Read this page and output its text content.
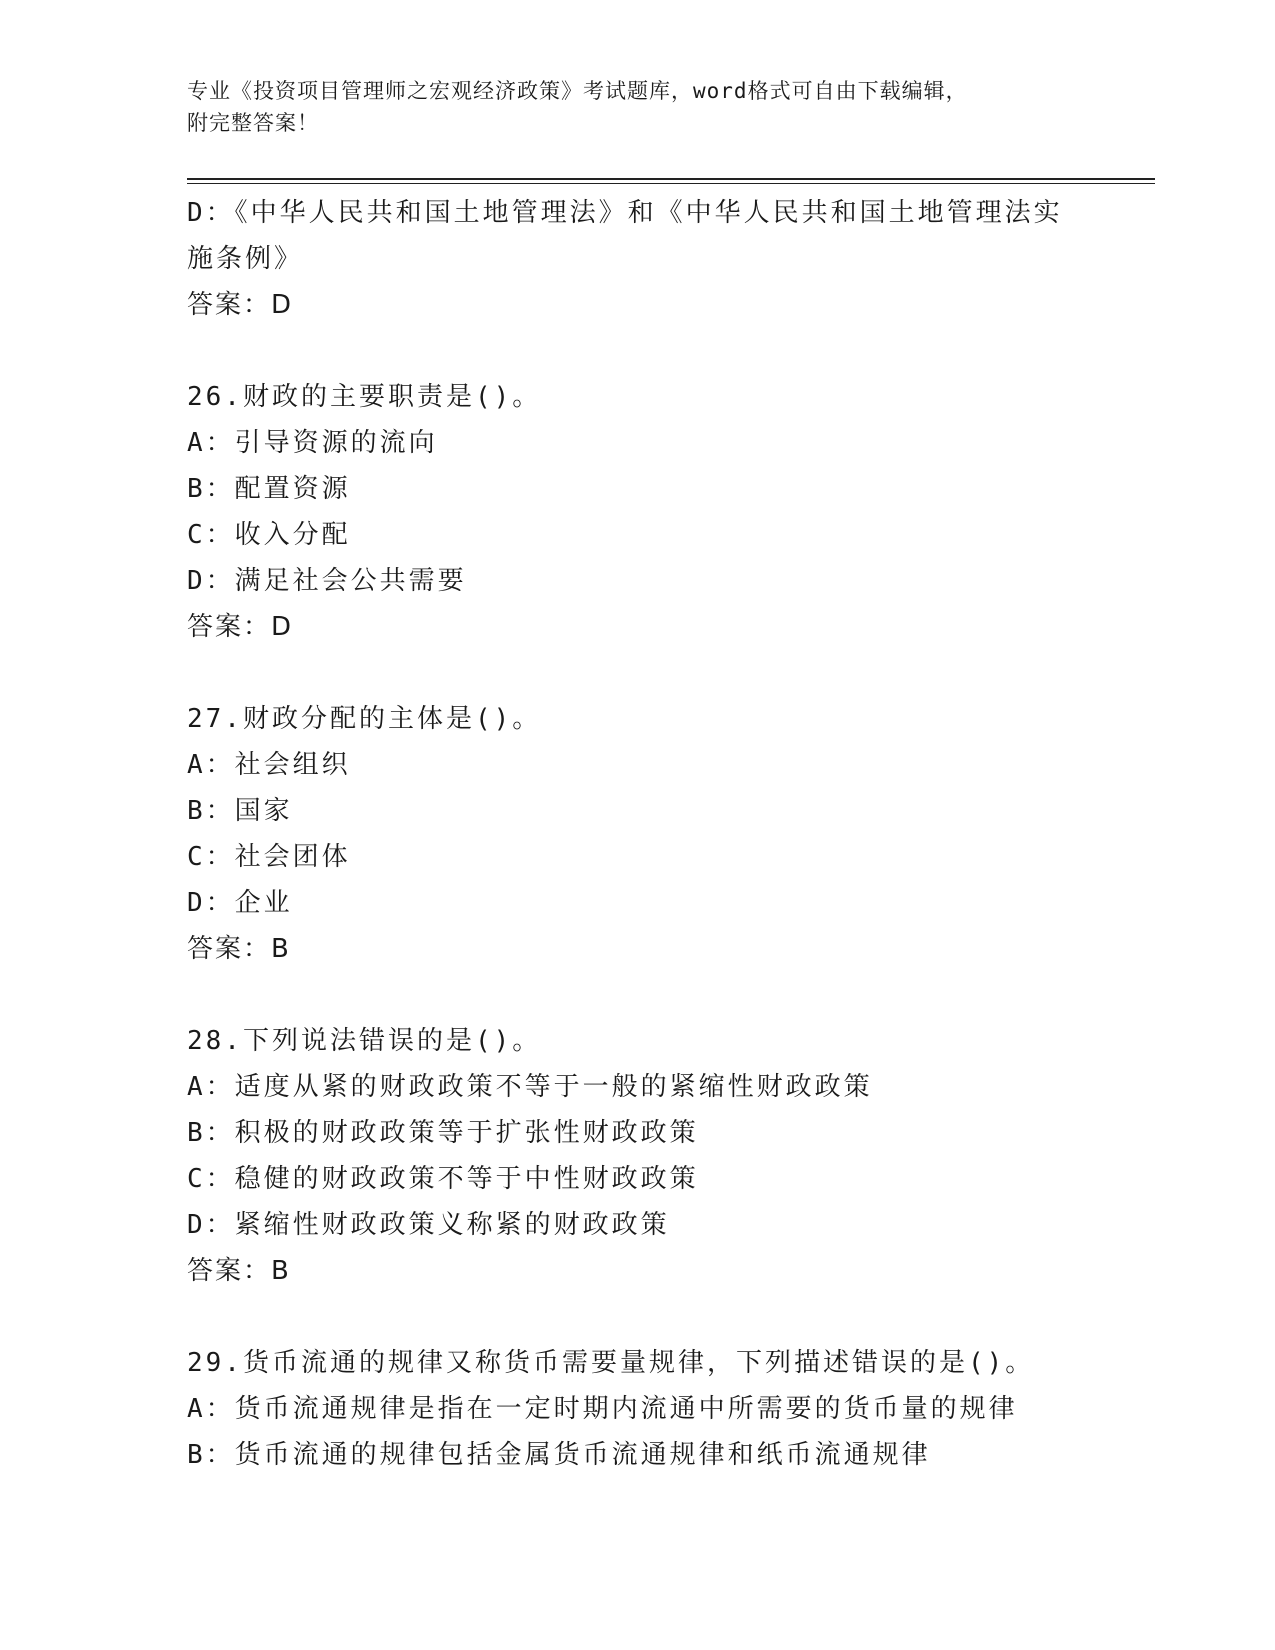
专业《投资项目管理师之宏观经济政策》考试题库，word格式可自由下载编辑，
附完整答案！
D：《中华人民共和国土地管理法》和《中华人民共和国土地管理法实
施条例》
答案：D
26.财政的主要职责是()。
A：引导资源的流向
B：配置资源
C：收入分配
D：满足社会公共需要
答案：D
27.财政分配的主体是()。
A：社会组织
B：国家
C：社会团体
D：企业
答案：B
28.下列说法错误的是()。
A：适度从紧的财政政策不等于一般的紧缩性财政政策
B：积极的财政政策等于扩张性财政政策
C：稳健的财政政策不等于中性财政政策
D：紧缩性财政政策义称紧的财政政策
答案：B
29.货币流通的规律又称货币需要量规律，下列描述错误的是()。
A：货币流通规律是指在一定时期内流通中所需要的货币量的规律
B：货币流通的规律包括金属货币流通规律和纸币流通规律
